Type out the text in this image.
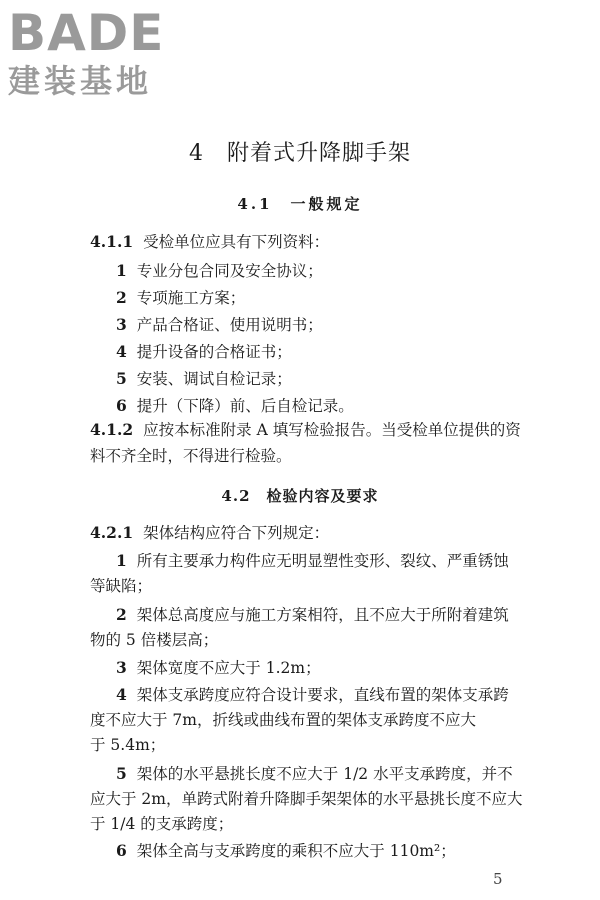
BADE
建装基地
4　附着式升降脚手架
4.1　 一般规定
4.1.1 受检单位应具有下列资料：
1 专业分包合同及安全协议；
2 专项施工方案；
3 产品合格证、使用说明书；
4 提升设备的合格证书；
5 安装、调试自检记录；
6 提升（下降）前、后自检记录。
4.1.2 应按本标准附录 A 填写检验报告。当受检单位提供的资
料不齐全时，不得进行检验。
4.2　 检验内容及要求
4.2.1 架体结构应符合下列规定：
1 所有主要承力构件应无明显塑性变形、裂纹、严重锈蚀
等缺陷；
2 架体总高度应与施工方案相符，且不应大于所附着建筑
物的 5 倍楼层高；
3 架体宽度不应大于 1.2m；
4 架体支承跨度应符合设计要求，直线布置的架体支承跨
度不应大于 7m，折线或曲线布置的架体支承跨度不应大
于 5.4m；
5 架体的水平悬挑长度不应大于 1/2 水平支承跨度，并不
应大于 2m，单跨式附着升降脚手架架体的水平悬挑长度不应大
于 1/4 的支承跨度；
6 架体全高与支承跨度的乘积不应大于 110m²；
5
